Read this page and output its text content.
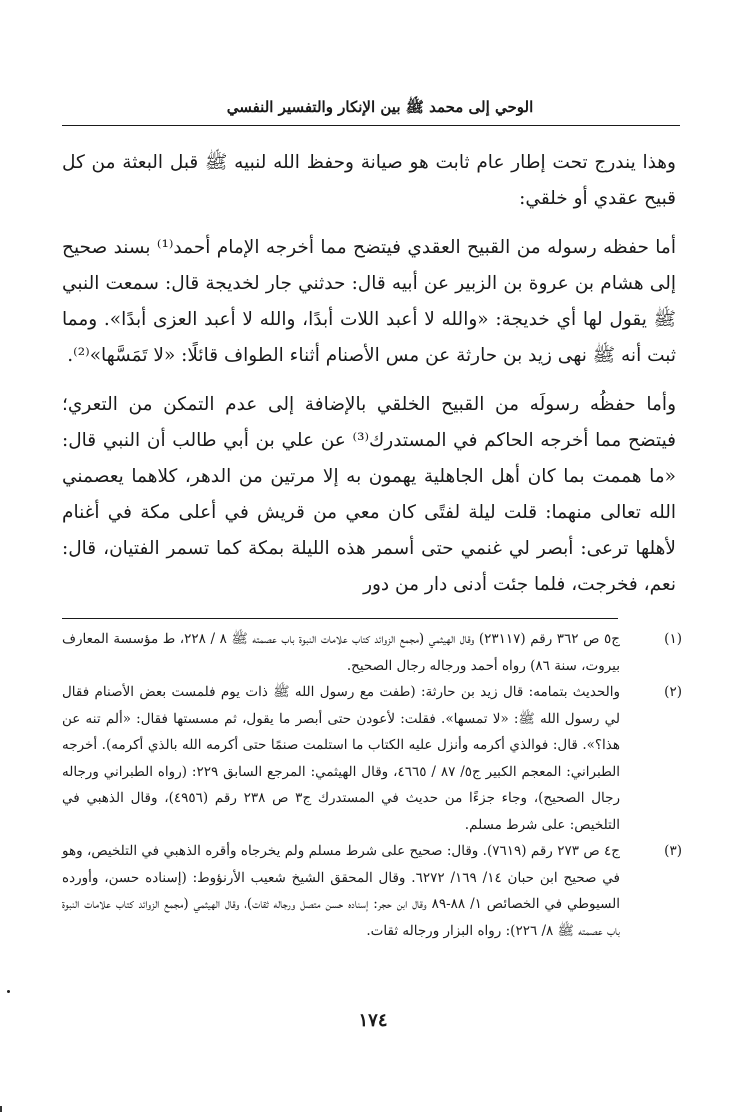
الوحي إلى محمد ﷺ بين الإنكار والتفسير النفسي

وهذا يندرج تحت إطار عام ثابت هو صيانة وحفظ الله لنبيه ﷺ قبل البعثة من كل قبيح عقدي أو خلقي:

أما حفظه رسوله من القبيح العقدي فيتضح مما أخرجه الإمام أحمد⁽¹⁾ بسند صحيح إلى هشام بن عروة بن الزبير عن أبيه قال: حدثني جار لخديجة قال: سمعت النبي ﷺ يقول لها أي خديجة: «والله لا أعبد اللات أبدًا، والله لا أعبد العزى أبدًا». ومما ثبت أنه ﷺ نهى زيد بن حارثة عن مس الأصنام أثناء الطواف قائلًا: «لا تَمَسَّها»⁽²⁾.

وأما حفظُه رسولَه من القبيح الخلقي بالإضافة إلى عدم التمكن من التعري؛ فيتضح مما أخرجه الحاكم في المستدرك⁽³⁾ عن علي بن أبي طالب أن النبي قال: «ما هممت بما كان أهل الجاهلية يهمون به إلا مرتين من الدهر، كلاهما يعصمني الله تعالى منهما: قلت ليلة لفتًى كان معي من قريش في أعلى مكة في أغنام لأهلها ترعى: أبصر لي غنمي حتى أسمر هذه الليلة بمكة كما تسمر الفتيان، قال: نعم، فخرجت، فلما جئت أدنى دار من دور

(١)
ج٥ ص ٣٦٢ رقم (٢٣١١٧) وقال الهيثمي (مجمع الزوائد كتاب علامات النبوة باب عصمته ﷺ ٨ / ٢٢٨، ط مؤسسة المعارف بيروت، سنة ٨٦) رواه أحمد ورجاله رجال الصحيح.
(٢)
والحديث بتمامه: قال زيد بن حارثة: (طفت مع رسول الله ﷺ ذات يوم فلمست بعض الأصنام فقال لي رسول الله ﷺ: «لا تمسها». فقلت: لأعودن حتى أبصر ما يقول، ثم مسستها فقال: «ألم تنه عن هذا؟». قال: فوالذي أكرمه وأنزل عليه الكتاب ما استلمت صنمًا حتى أكرمه الله بالذي أكرمه). أخرجه الطبراني: المعجم الكبير ج٥/ ٨٧ / ٤٦٦٥، وقال الهيثمي: المرجع السابق ٢٢٩: (رواه الطبراني ورجاله رجال الصحيح)، وجاء جزءًا من حديث في المستدرك ج٣ ص ٢٣٨ رقم (٤٩٥٦)، وقال الذهبي في التلخيص: على شرط مسلم.
(٣)
ج٤ ص ٢٧٣ رقم (٧٦١٩). وقال: صحيح على شرط مسلم ولم يخرجاه وأقره الذهبي في التلخيص، وهو في صحيح ابن حبان ١٤/ ١٦٩/ ٦٢٧٢. وقال المحقق الشيخ شعيب الأرنؤوط: (إسناده حسن، وأورده السيوطي في الخصائص ١/ ٨٨-٨٩ وقال ابن حجر: إسناده حسن متصل ورجاله ثقات)، وقال الهيثمي (مجمع الزوائد كتاب علامات النبوة باب عصمته ﷺ ٨/ ٢٢٦): رواه البزار ورجاله ثقات.
١٧٤
